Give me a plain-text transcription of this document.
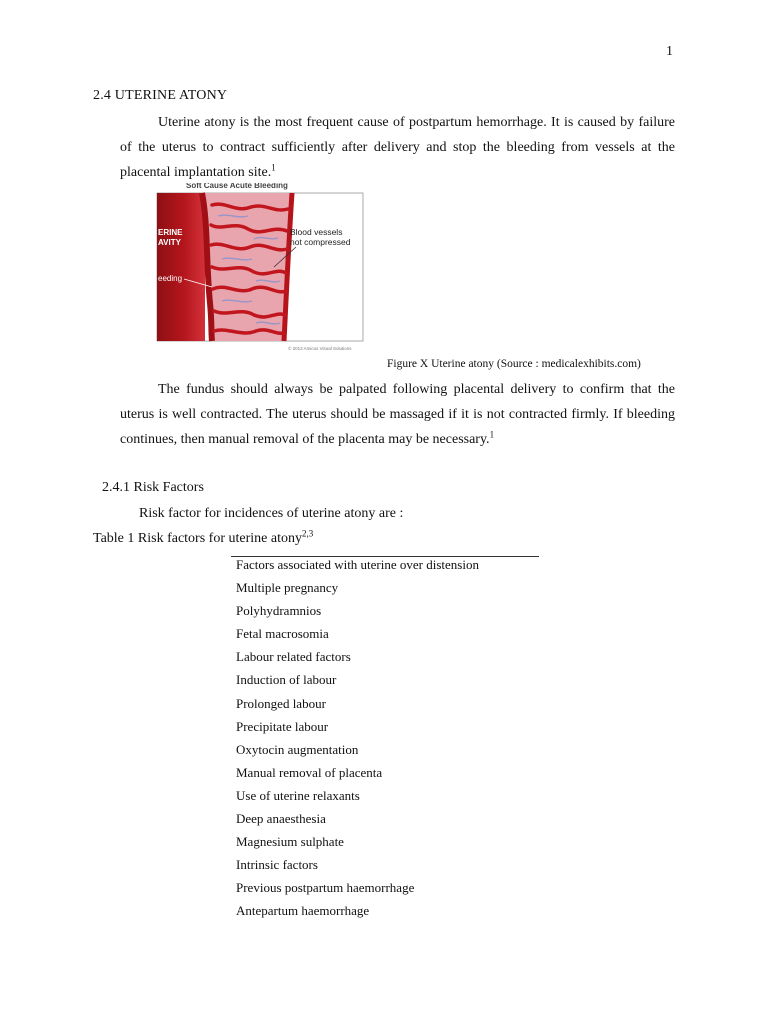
1
2.4 UTERINE ATONY

Uterine atony is the most frequent cause of postpartum hemorrhage. It is caused by failure of the uterus to contract sufficiently after delivery and stop the bleeding from vessels at the placental implantation site.$^1$

Soft Cause Acute Bleeding
ERINE
AVITY
eeding
Blood vessels
not compressed
© 2013 Amicus Visual Solutions
Figure X Uterine atony (Source : medicalexhibits.com)

The fundus should always be palpated following placental delivery to confirm that the uterus is well contracted. The uterus should be massaged if it is not contracted firmly. If bleeding continues, then manual removal of the placenta may be necessary.$^1$

2.4.1 Risk Factors
Risk factor for incidences of uterine atony are :
Table 1 Risk factors for uterine atony$^{2,3}$
Factors associated with uterine over distension
Multiple pregnancy
Polyhydramnios
Fetal macrosomia
Labour related factors
Induction of labour
Prolonged labour
Precipitate labour
Oxytocin augmentation
Manual removal of placenta
Use of uterine relaxants
Deep anaesthesia
Magnesium sulphate
Intrinsic factors
Previous postpartum haemorrhage
Antepartum haemorrhage
